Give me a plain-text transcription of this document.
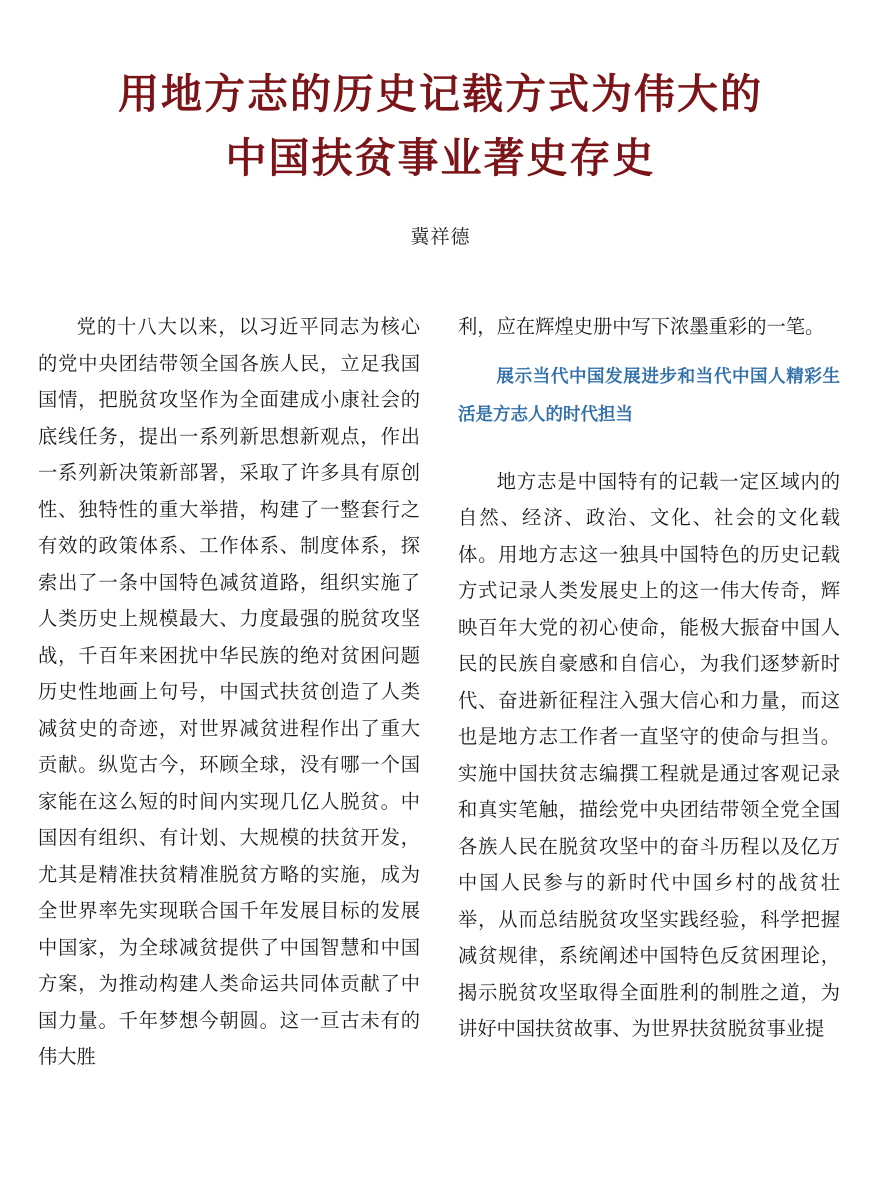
用地方志的历史记载方式为伟大的
中国扶贫事业著史存史
冀祥德

党的十八大以来，以习近平同志为核心的党中央团结带领全国各族人民，立足我国国情，把脱贫攻坚作为全面建成小康社会的底线任务，提出一系列新思想新观点，作出一系列新决策新部署，采取了许多具有原创性、独特性的重大举措，构建了一整套行之有效的政策体系、工作体系、制度体系，探索出了一条中国特色减贫道路，组织实施了人类历史上规模最大、力度最强的脱贫攻坚战，千百年来困扰中华民族的绝对贫困问题历史性地画上句号，中国式扶贫创造了人类减贫史的奇迹，对世界减贫进程作出了重大贡献。纵览古今，环顾全球，没有哪一个国家能在这么短的时间内实现几亿人脱贫。中国因有组织、有计划、大规模的扶贫开发，尤其是精准扶贫精准脱贫方略的实施，成为全世界率先实现联合国千年发展目标的发展中国家，为全球减贫提供了中国智慧和中国方案，为推动构建人类命运共同体贡献了中国力量。千年梦想今朝圆。这一亘古未有的伟大胜

利，应在辉煌史册中写下浓墨重彩的一笔。

展示当代中国发展进步和当代中国人精彩生活是方志人的时代担当

地方志是中国特有的记载一定区域内的自然、经济、政治、文化、社会的文化载体。用地方志这一独具中国特色的历史记载方式记录人类发展史上的这一伟大传奇，辉映百年大党的初心使命，能极大振奋中国人民的民族自豪感和自信心，为我们逐梦新时代、奋进新征程注入强大信心和力量，而这也是地方志工作者一直坚守的使命与担当。实施中国扶贫志编撰工程就是通过客观记录和真实笔触，描绘党中央团结带领全党全国各族人民在脱贫攻坚中的奋斗历程以及亿万中国人民参与的新时代中国乡村的战贫壮举，从而总结脱贫攻坚实践经验，科学把握减贫规律，系统阐述中国特色反贫困理论，揭示脱贫攻坚取得全面胜利的制胜之道，为讲好中国扶贫故事、为世界扶贫脱贫事业提
